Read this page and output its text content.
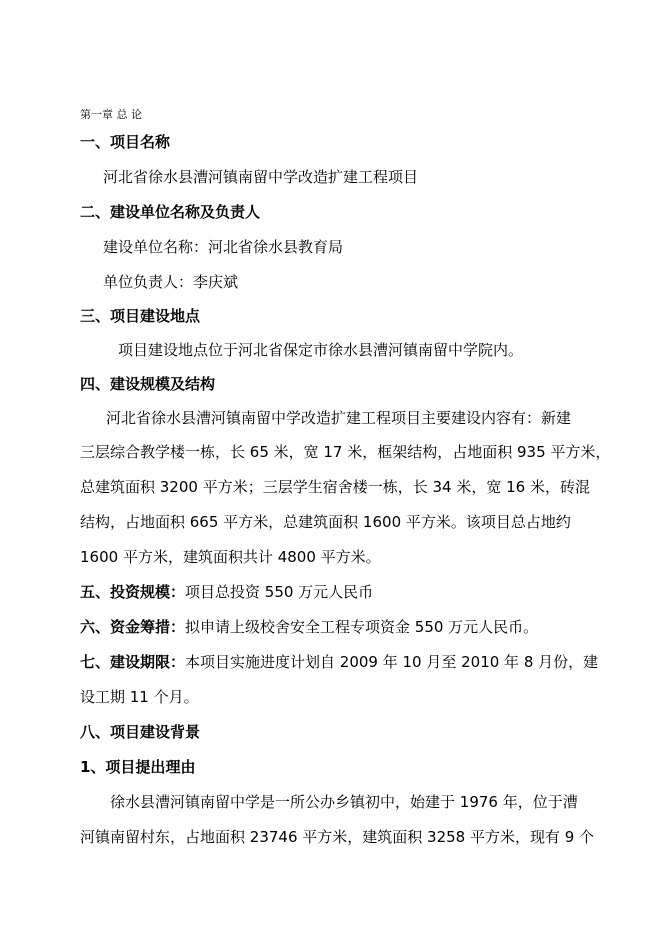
第一章 总 论
一、项目名称
河北省徐水县漕河镇南留中学改造扩建工程项目
二、建设单位名称及负责人
建设单位名称：河北省徐水县教育局
单位负责人：李庆斌
三、项目建设地点
项目建设地点位于河北省保定市徐水县漕河镇南留中学院内。
四、建设规模及结构
河北省徐水县漕河镇南留中学改造扩建工程项目主要建设内容有：新建
三层综合教学楼一栋，长 65 米，宽 17 米，框架结构，占地面积 935 平方米，
总建筑面积 3200 平方米；三层学生宿舍楼一栋，长 34 米，宽 16 米，砖混
结构，占地面积 665 平方米，总建筑面积 1600 平方米。该项目总占地约
1600 平方米，建筑面积共计 4800 平方米。
五、投资规模：项目总投资 550 万元人民币
六、资金筹措：拟申请上级校舍安全工程专项资金 550 万元人民币。
七、建设期限：本项目实施进度计划自 2009 年 10 月至 2010 年 8 月份，建
设工期 11 个月。
八、项目建设背景
1、项目提出理由
徐水县漕河镇南留中学是一所公办乡镇初中，始建于 1976 年，位于漕
河镇南留村东，占地面积 23746 平方米，建筑面积 3258 平方米，现有 9 个
